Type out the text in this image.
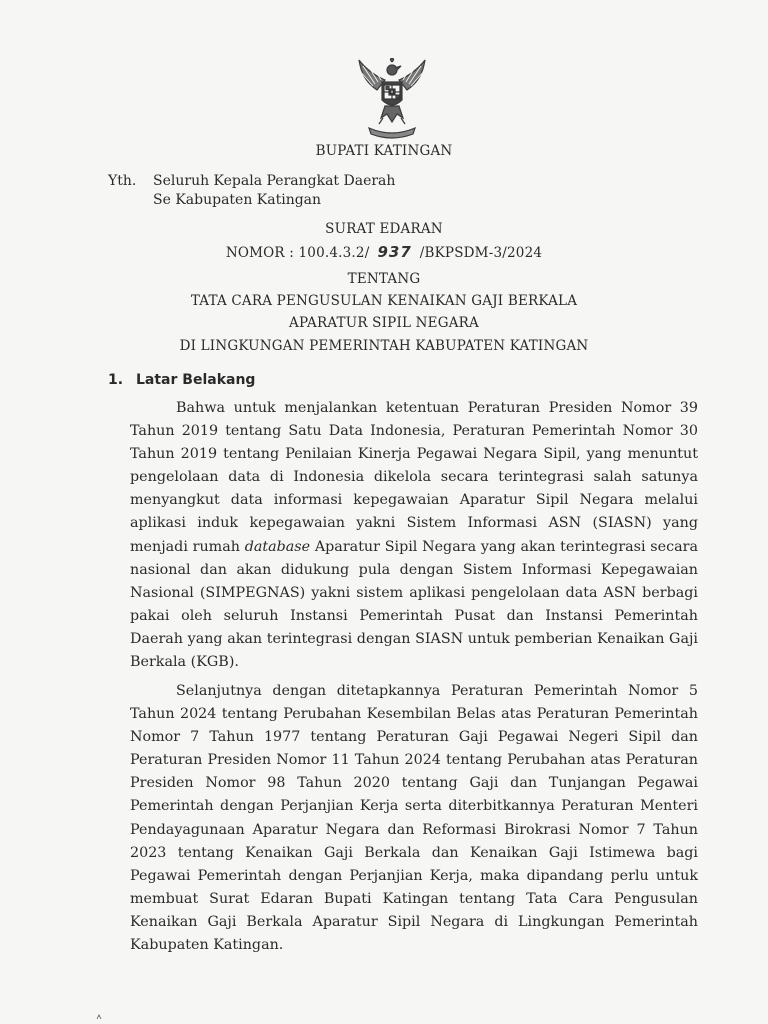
BUPATI KATINGAN
Yth. Seluruh Kepala Perangkat Daerah
Se Kabupaten Katingan
SURAT EDARAN
NOMOR : 100.4.3.2/ 937 /BKPSDM-3/2024
TENTANG
TATA CARA PENGUSULAN KENAIKAN GAJI BERKALA
APARATUR SIPIL NEGARA
DI LINGKUNGAN PEMERINTAH KABUPATEN KATINGAN
1. Latar Belakang

Bahwa untuk menjalankan ketentuan Peraturan Presiden Nomor 39 Tahun 2019 tentang Satu Data Indonesia, Peraturan Pemerintah Nomor 30 Tahun 2019 tentang Penilaian Kinerja Pegawai Negara Sipil, yang menuntut pengelolaan data di Indonesia dikelola secara terintegrasi salah satunya menyangkut data informasi kepegawaian Aparatur Sipil Negara melalui aplikasi induk kepegawaian yakni Sistem Informasi ASN (SIASN) yang menjadi rumah database Aparatur Sipil Negara yang akan terintegrasi secara nasional dan akan didukung pula dengan Sistem Informasi Kepegawaian Nasional (SIMPEGNAS) yakni sistem aplikasi pengelolaan data ASN berbagi pakai oleh seluruh Instansi Pemerintah Pusat dan Instansi Pemerintah Daerah yang akan terintegrasi dengan SIASN untuk pemberian Kenaikan Gaji Berkala (KGB).

Selanjutnya dengan ditetapkannya Peraturan Pemerintah Nomor 5 Tahun 2024 tentang Perubahan Kesembilan Belas atas Peraturan Pemerintah Nomor 7 Tahun 1977 tentang Peraturan Gaji Pegawai Negeri Sipil dan Peraturan Presiden Nomor 11 Tahun 2024 tentang Perubahan atas Peraturan Presiden Nomor 98 Tahun 2020 tentang Gaji dan Tunjangan Pegawai Pemerintah dengan Perjanjian Kerja serta diterbitkannya Peraturan Menteri Pendayagunaan Aparatur Negara dan Reformasi Birokrasi Nomor 7 Tahun 2023 tentang Kenaikan Gaji Berkala dan Kenaikan Gaji Istimewa bagi Pegawai Pemerintah dengan Perjanjian Kerja, maka dipandang perlu untuk membuat Surat Edaran Bupati Katingan tentang Tata Cara Pengusulan Kenaikan Gaji Berkala Aparatur Sipil Negara di Lingkungan Pemerintah Kabupaten Katingan.
